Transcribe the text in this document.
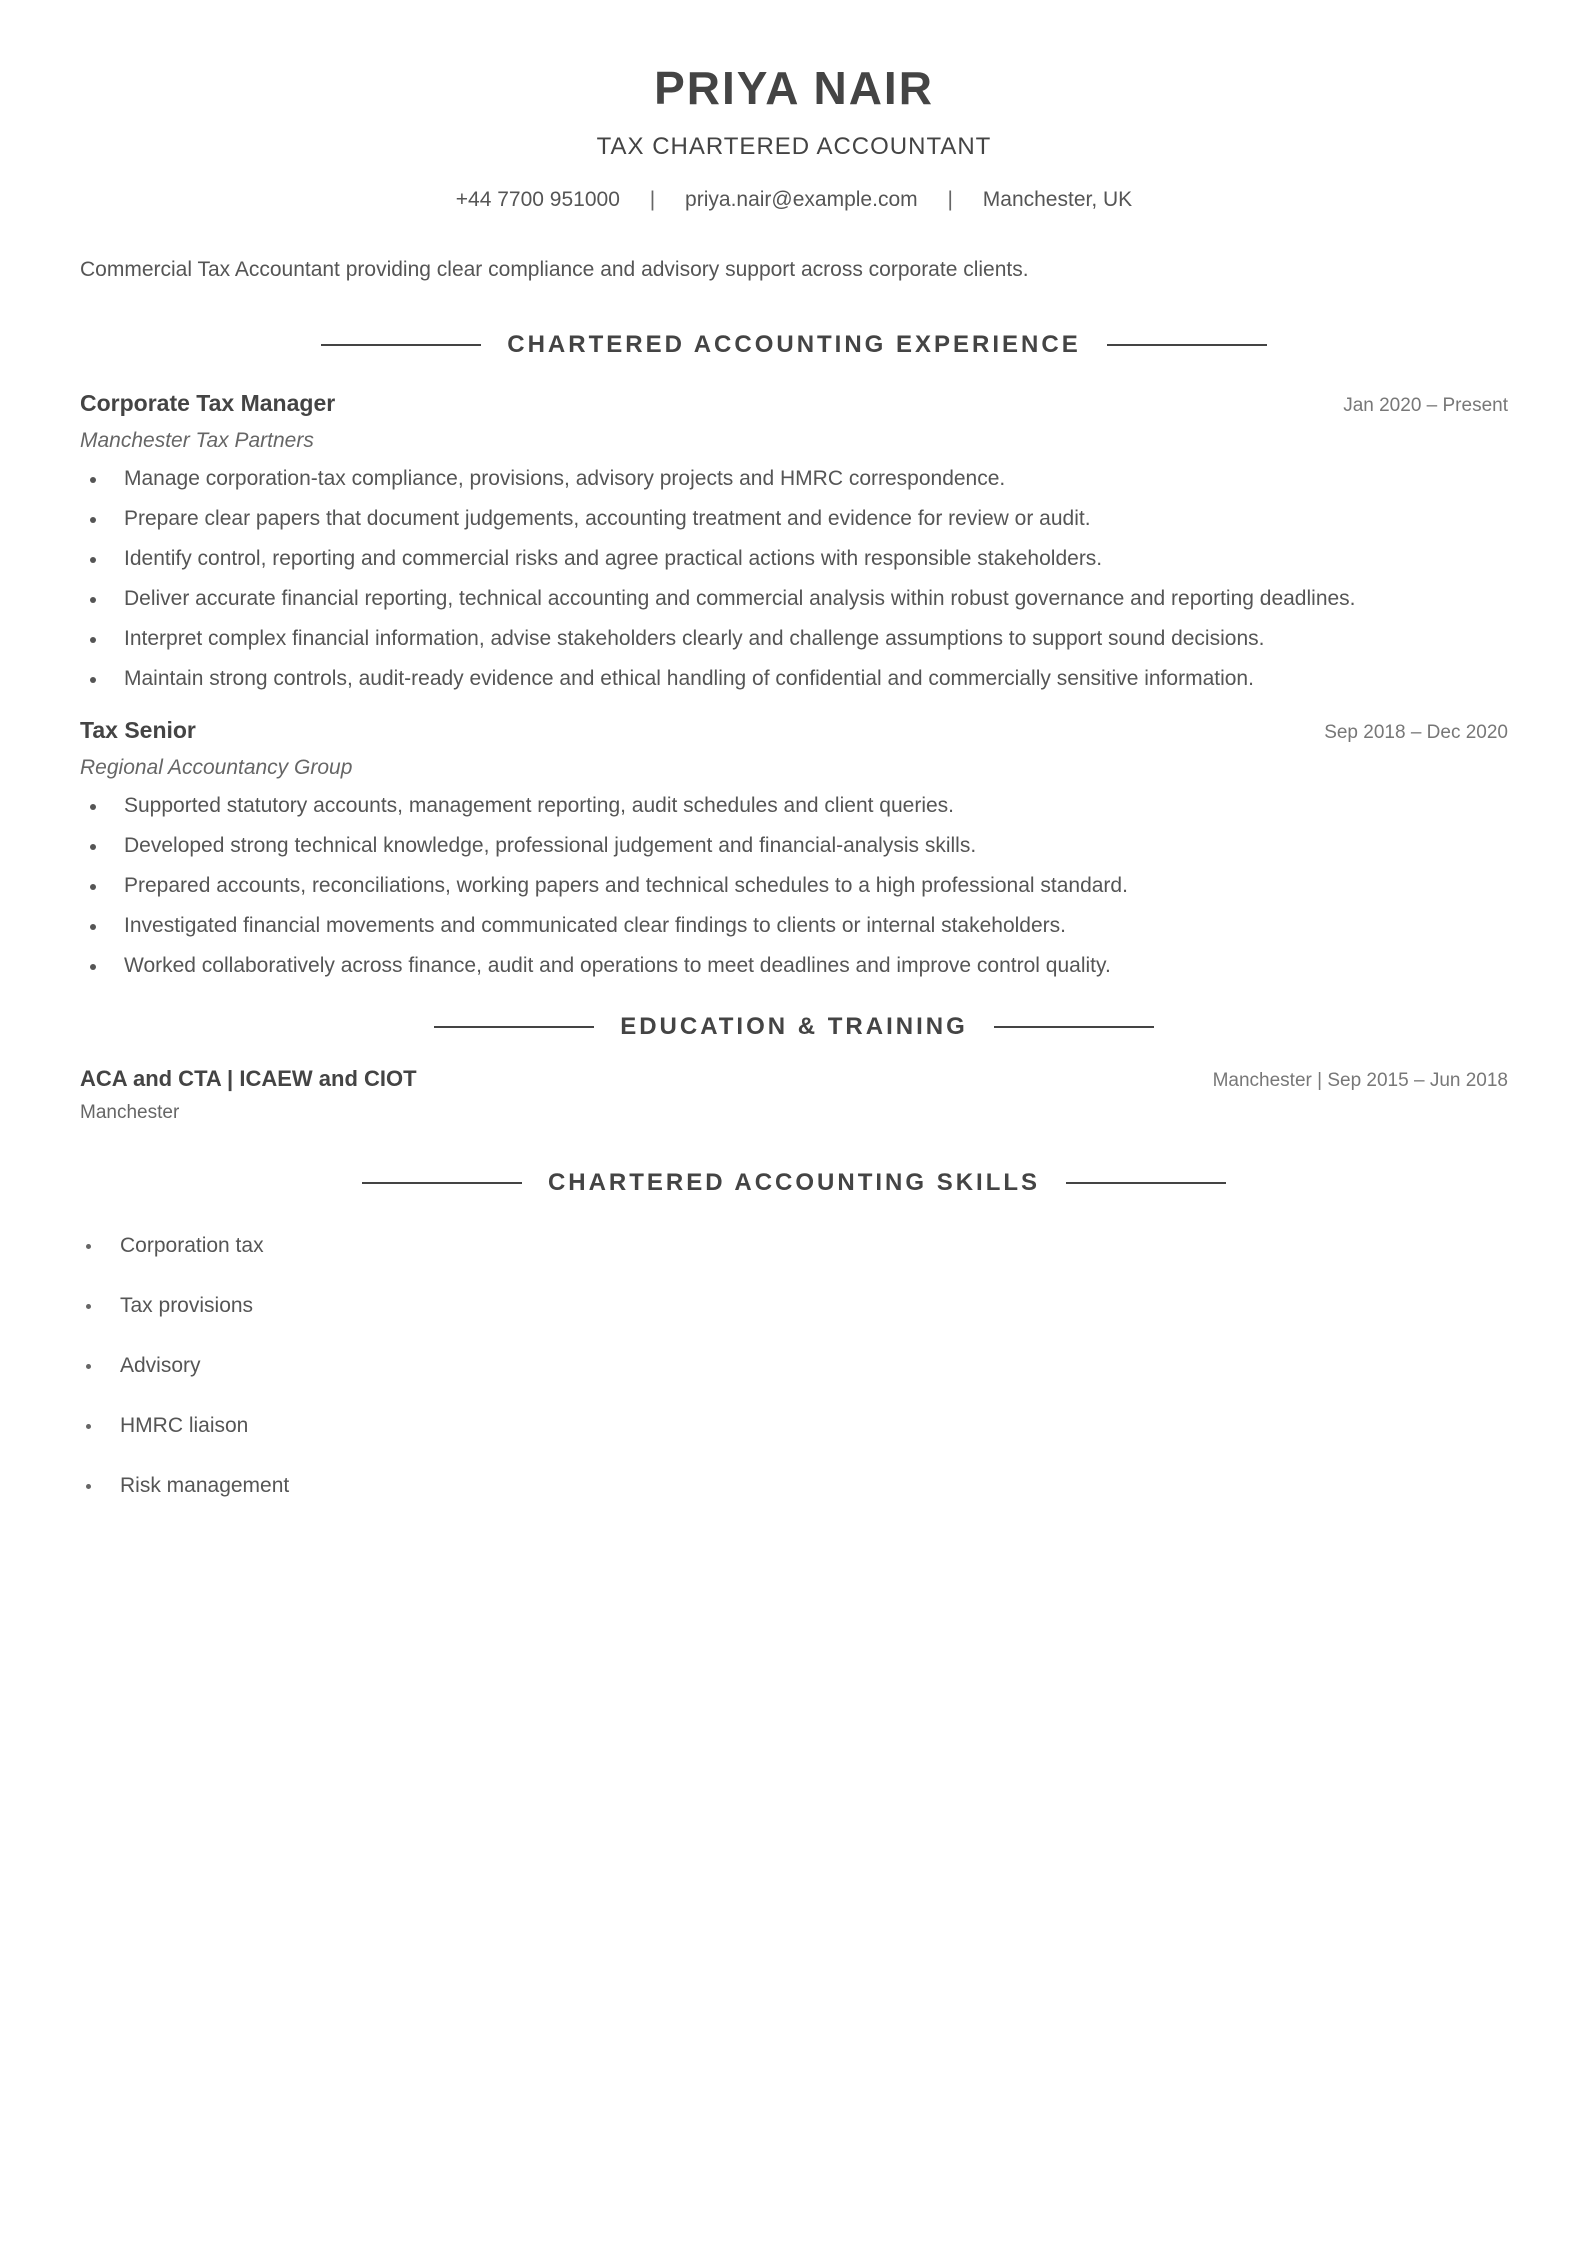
PRIYA NAIR
TAX CHARTERED ACCOUNTANT
+44 7700 951000 | priya.nair@example.com | Manchester, UK
Commercial Tax Accountant providing clear compliance and advisory support across corporate clients.
CHARTERED ACCOUNTING EXPERIENCE
Corporate Tax Manager	Jan 2020 – Present
Manchester Tax Partners
Manage corporation-tax compliance, provisions, advisory projects and HMRC correspondence.
Prepare clear papers that document judgements, accounting treatment and evidence for review or audit.
Identify control, reporting and commercial risks and agree practical actions with responsible stakeholders.
Deliver accurate financial reporting, technical accounting and commercial analysis within robust governance and reporting deadlines.
Interpret complex financial information, advise stakeholders clearly and challenge assumptions to support sound decisions.
Maintain strong controls, audit-ready evidence and ethical handling of confidential and commercially sensitive information.
Tax Senior	Sep 2018 – Dec 2020
Regional Accountancy Group
Supported statutory accounts, management reporting, audit schedules and client queries.
Developed strong technical knowledge, professional judgement and financial-analysis skills.
Prepared accounts, reconciliations, working papers and technical schedules to a high professional standard.
Investigated financial movements and communicated clear findings to clients or internal stakeholders.
Worked collaboratively across finance, audit and operations to meet deadlines and improve control quality.
EDUCATION & TRAINING
ACA and CTA | ICAEW and CIOT	Manchester | Sep 2015 – Jun 2018
Manchester
CHARTERED ACCOUNTING SKILLS
Corporation tax
Tax provisions
Advisory
HMRC liaison
Risk management
